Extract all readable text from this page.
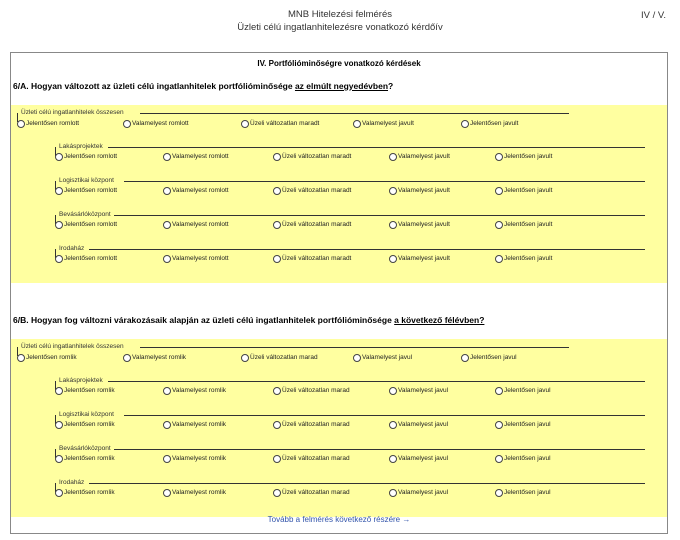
MNB Hitelezési felmérés
Üzleti célú ingatlanhitelezésre vonatkozó kérdőív
IV / V.
IV. Portfólióminőségre vonatkozó kérdések
6/A. Hogyan változott az üzleti célú ingatlanhitelek portfólióminősége az elmúlt negyedévben?
Üzleti célú ingatlanhitelek összesen
Jelentősen romlott	Valamelyest romlott	Üzeli változatlan maradt	Valamelyest javult	Jelentősen javult
Lakásprojektek
Jelentősen romlott	Valamelyest romlott	Üzeli változatlan maradt	Valamelyest javult	Jelentősen javult
Logisztikai központ
Jelentősen romlott	Valamelyest romlott	Üzeli változatlan maradt	Valamelyest javult	Jelentősen javult
Bevásárlóközpont
Jelentősen romlott	Valamelyest romlott	Üzeli változatlan maradt	Valamelyest javult	Jelentősen javult
Irodaház
Jelentősen romlott	Valamelyest romlott	Üzeli változatlan maradt	Valamelyest javult	Jelentősen javult
6/B. Hogyan fog változni várakozásaik alapján az üzleti célú ingatlanhitelek portfólióminősége a következő félévben?
Üzleti célú ingatlanhitelek összesen
Jelentősen romlik	Valamelyest romlik	Üzeli változatlan marad	Valamelyest javul	Jelentősen javul
Lakásprojektek
Jelentősen romlik	Valamelyest romlik	Üzeli változatlan marad	Valamelyest javul	Jelentősen javul
Logisztikai központ
Jelentősen romlik	Valamelyest romlik	Üzeli változatlan marad	Valamelyest javul	Jelentősen javul
Bevásárlóközpont
Jelentősen romlik	Valamelyest romlik	Üzeli változatlan marad	Valamelyest javul	Jelentősen javul
Irodaház
Jelentősen romlik	Valamelyest romlik	Üzeli változatlan marad	Valamelyest javul	Jelentősen javul
Tovább a felmérés következő részére →
